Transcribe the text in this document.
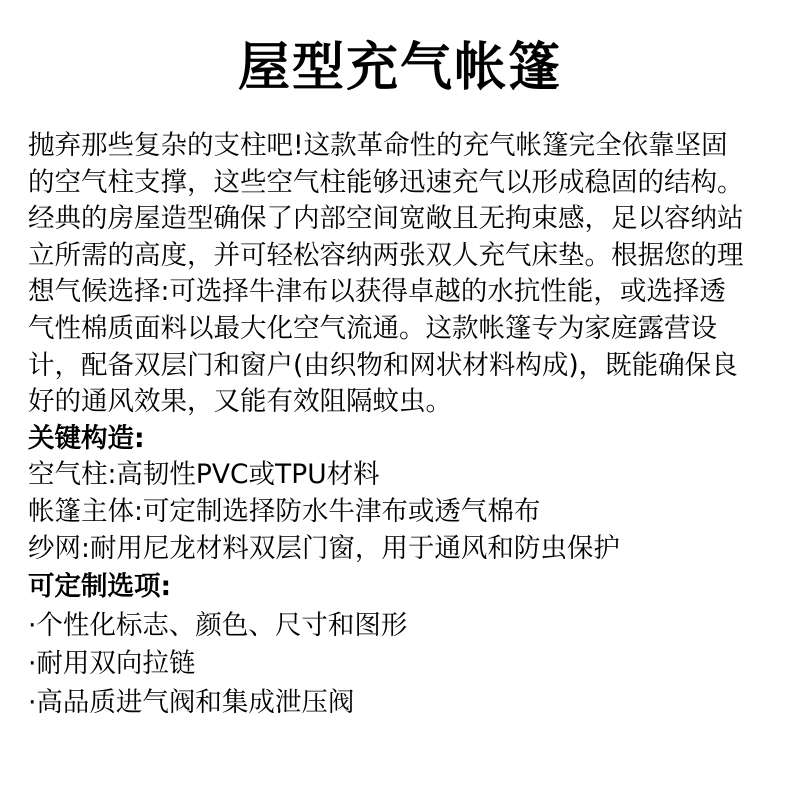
屋型充气帐篷
抛弃那些复杂的支柱吧!这款革命性的充气帐篷完全依靠坚固
的空气柱支撑，这些空气柱能够迅速充气以形成稳固的结构。
经典的房屋造型确保了内部空间宽敞且无拘束感，足以容纳站
立所需的高度，并可轻松容纳两张双人充气床垫。根据您的理
想气候选择:可选择牛津布以获得卓越的水抗性能，或选择透
气性棉质面料以最大化空气流通。这款帐篷专为家庭露营设
计，配备双层门和窗户(由织物和网状材料构成)，既能确保良
好的通风效果，又能有效阻隔蚊虫。
关键构造:
空气柱:高韧性PVC或TPU材料
帐篷主体:可定制选择防水牛津布或透气棉布
纱网:耐用尼龙材料双层门窗，用于通风和防虫保护
可定制选项:
·个性化标志、颜色、尺寸和图形
·耐用双向拉链
·高品质进气阀和集成泄压阀
